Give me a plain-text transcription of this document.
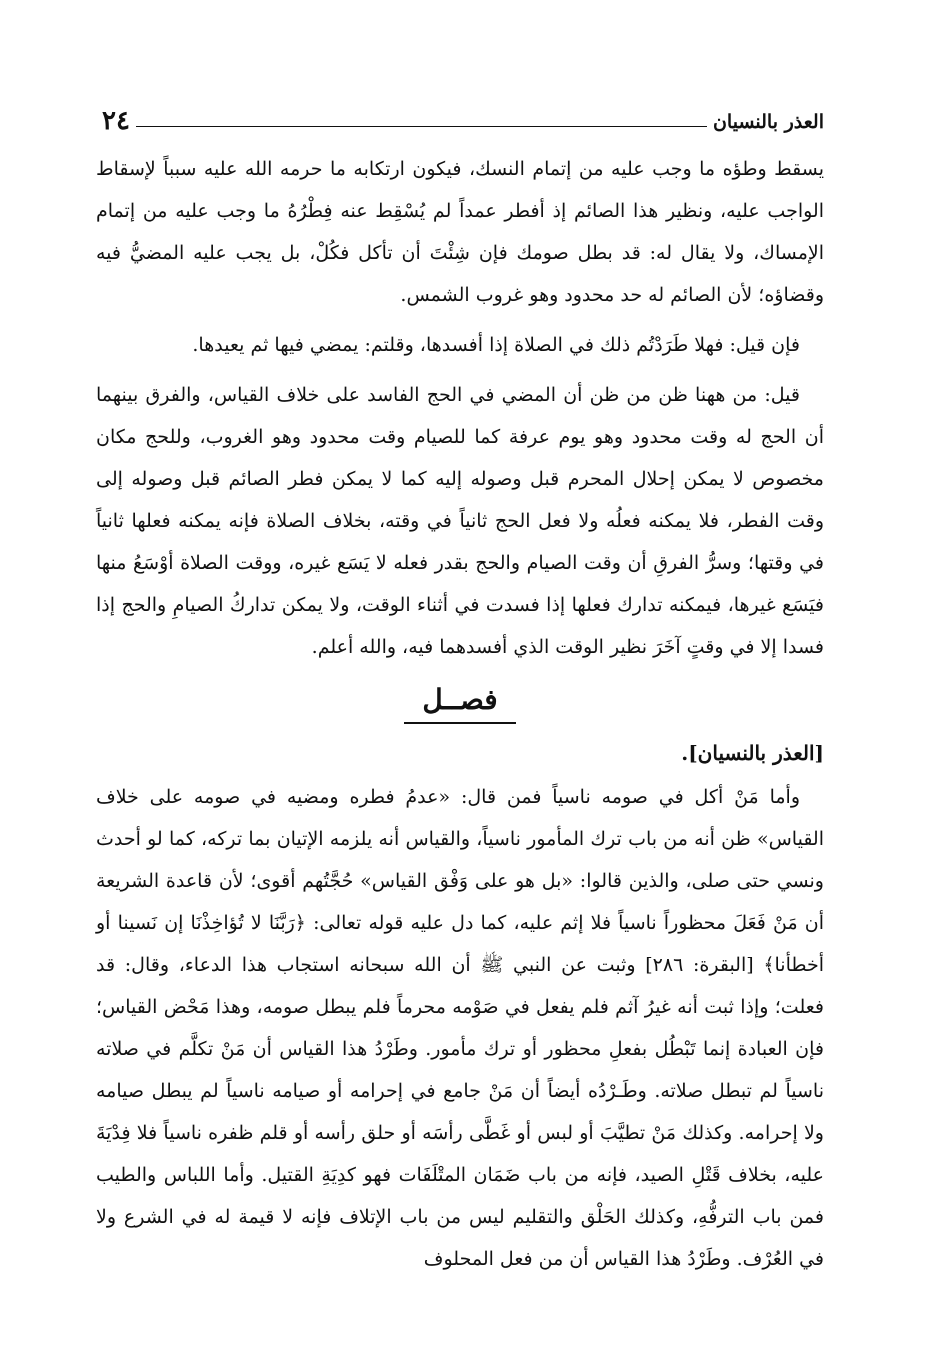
العذر بالنسيان
٢٤

يسقط وطؤه ما وجب عليه من إتمام النسك، فيكون ارتكابه ما حرمه الله عليه سبباً لإسقاط الواجب عليه، ونظير هذا الصائم إذ أفطر عمداً لم يُسْقِط عنه فِطْرُهُ ما وجب عليه من إتمام الإمساك، ولا يقال له: قد بطل صومك فإن شِئْتَ أن تأكل فكُلْ، بل يجب عليه المضيُّ فيه وقضاؤه؛ لأن الصائم له حد محدود وهو غروب الشمس.

فإن قيل: فهلا طَرَدْتُم ذلك في الصلاة إذا أفسدها، وقلتم: يمضي فيها ثم يعيدها.

قيل: من ههنا ظن من ظن أن المضي في الحج الفاسد على خلاف القياس، والفرق بينهما أن الحج له وقت محدود وهو يوم عرفة كما للصيام وقت محدود وهو الغروب، وللحج مكان مخصوص لا يمكن إحلال المحرم قبل وصوله إليه كما لا يمكن فطر الصائم قبل وصوله إلى وقت الفطر، فلا يمكنه فعلُه ولا فعل الحج ثانياً في وقته، بخلاف الصلاة فإنه يمكنه فعلها ثانياً في وقتها؛ وسرُّ الفرقِ أن وقت الصيام والحج بقدر فعله لا يَسَع غيره، ووقت الصلاة أوْسَعُ منها فيَسَع غيرها، فيمكنه تدارك فعلها إذا فسدت في أثناء الوقت، ولا يمكن تداركُ الصيامِ والحج إذا فسدا إلا في وقتٍ آخَرَ نظير الوقت الذي أفسدهما فيه، والله أعلم.

فصــل
[العذر بالنسيان].

وأما مَنْ أكل في صومه ناسياً فمن قال: «عدمُ فطره ومضيه في صومه على خلاف القياس» ظن أنه من باب ترك المأمور ناسياً، والقياس أنه يلزمه الإتيان بما تركه، كما لو أحدث ونسي حتى صلى، والذين قالوا: «بل هو على وَفْق القياس» حُجَّتُهم أقوى؛ لأن قاعدة الشريعة أن مَنْ فَعَلَ محظوراً ناسياً فلا إثم عليه، كما دل عليه قوله تعالى: ﴿رَبَّنَا لا تُؤاخِذْنَا إن نَسينا أو أخطأنا﴾ [البقرة: ٢٨٦] وثبت عن النبي ﷺ أن الله سبحانه استجاب هذا الدعاء، وقال: قد فعلت؛ وإذا ثبت أنه غيرُ آثم فلم يفعل في صَوْمه محرماً فلم يبطل صومه، وهذا مَحْض القياس؛ فإن العبادة إنما تَبْطُل بفعلِ محظور أو ترك مأمور. وطَرْدُ هذا القياس أن مَنْ تكلَّم في صلاته ناسياً لم تبطل صلاته. وطَـرْدُه أيضاً أن مَنْ جامع في إحرامه أو صيامه ناسياً لم يبطل صيامه ولا إحرامه. وكذلك مَنْ تطيَّبَ أو لبس أو غَطَّى رأسَه أو حلق رأسه أو قلم ظفره ناسياً فلا فِدْيَةَ عليه، بخلاف قَتْلِ الصيد، فإنه من باب ضَمَان المتْلَفَات فهو كدِيَةِ القتيل. وأما اللباس والطيب فمن باب الترفُّهِ، وكذلك الحَلْق والتقليم ليس من باب الإتلاف فإنه لا قيمة له في الشرع ولا في العُرْف. وطَرْدُ هذا القياس أن من فعل المحلوف
